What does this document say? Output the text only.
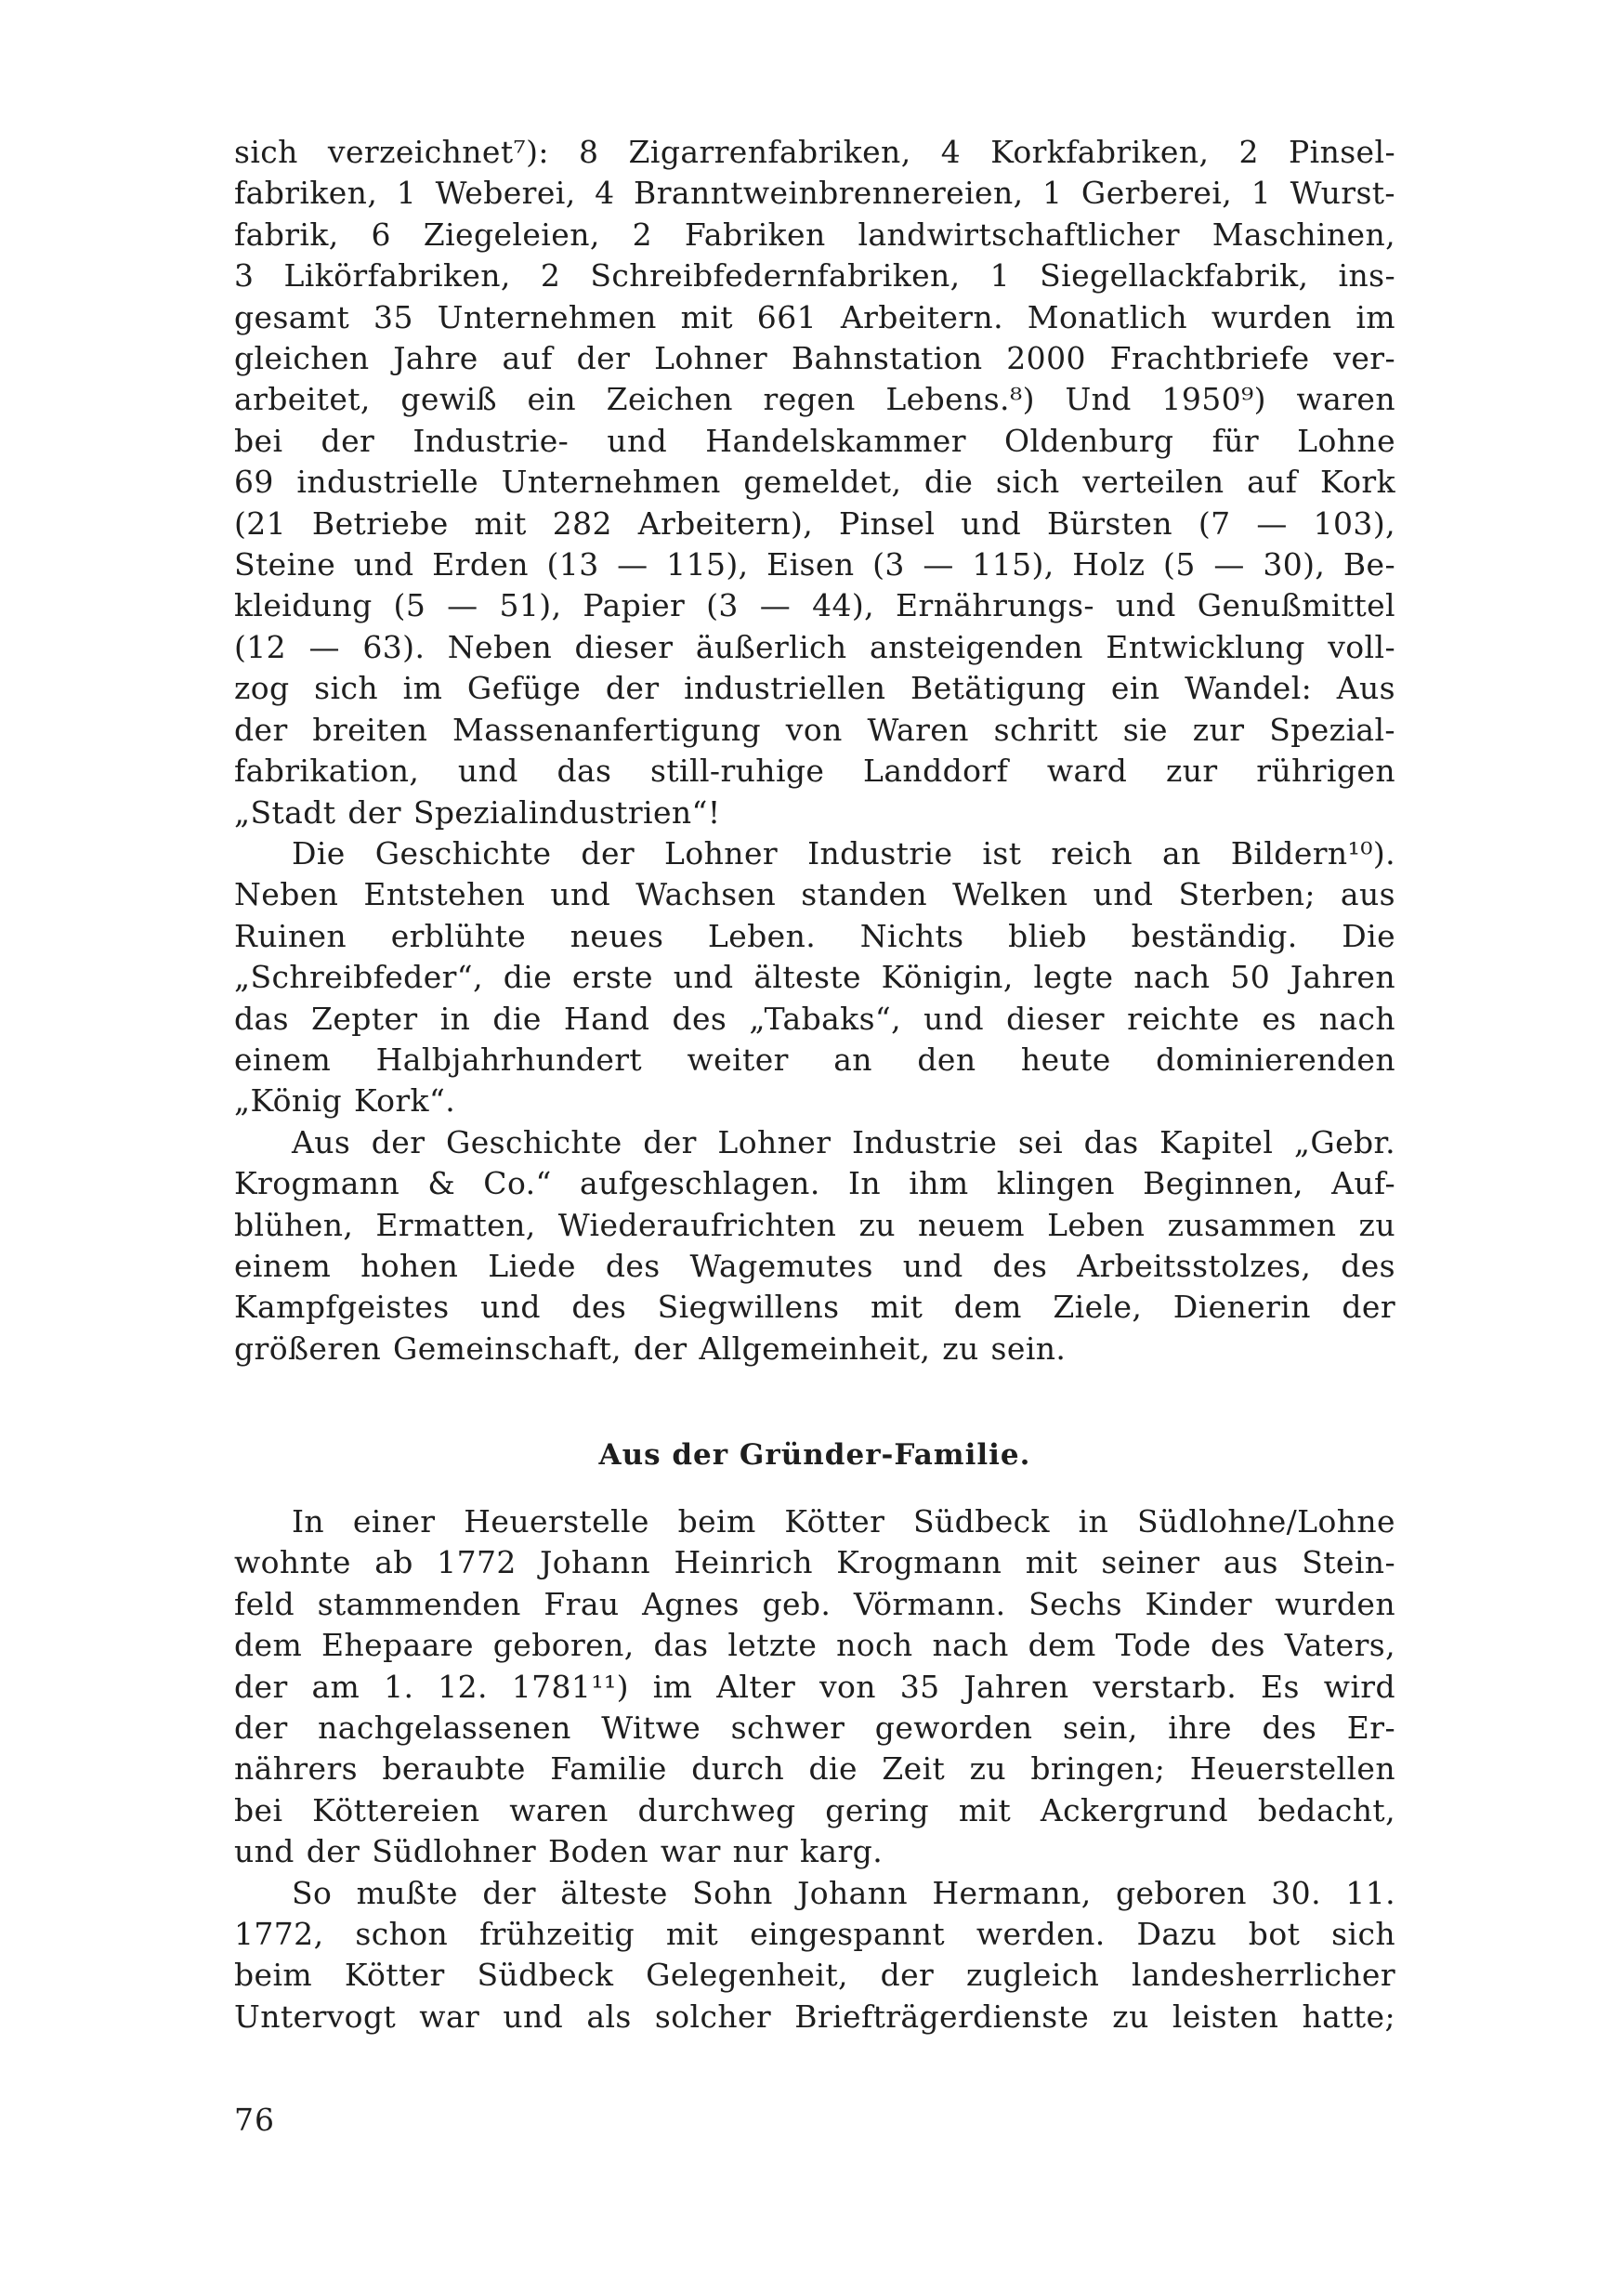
sich verzeichnet⁷): 8 Zigarrenfabriken, 4 Korkfabriken, 2 Pinsel-
fabriken, 1 Weberei, 4 Branntweinbrennereien, 1 Gerberei, 1 Wurst-
fabrik, 6 Ziegeleien, 2 Fabriken landwirtschaftlicher Maschinen,
3 Likörfabriken, 2 Schreibfedernfabriken, 1 Siegellackfabrik, ins-
gesamt 35 Unternehmen mit 661 Arbeitern. Monatlich wurden im
gleichen Jahre auf der Lohner Bahnstation 2000 Frachtbriefe ver-
arbeitet, gewiß ein Zeichen regen Lebens.⁸) Und 1950⁹) waren
bei der Industrie- und Handelskammer Oldenburg für Lohne
69 industrielle Unternehmen gemeldet, die sich verteilen auf Kork
(21 Betriebe mit 282 Arbeitern), Pinsel und Bürsten (7 — 103),
Steine und Erden (13 — 115), Eisen (3 — 115), Holz (5 — 30), Be-
kleidung (5 — 51), Papier (3 — 44), Ernährungs- und Genußmittel
(12 — 63). Neben dieser äußerlich ansteigenden Entwicklung voll-
zog sich im Gefüge der industriellen Betätigung ein Wandel: Aus
der breiten Massenanfertigung von Waren schritt sie zur Spezial-
fabrikation, und das still-ruhige Landdorf ward zur rührigen
„Stadt der Spezialindustrien“!

Die Geschichte der Lohner Industrie ist reich an Bildern¹⁰).
Neben Entstehen und Wachsen standen Welken und Sterben; aus
Ruinen erblühte neues Leben. Nichts blieb beständig. Die
„Schreibfeder“, die erste und älteste Königin, legte nach 50 Jahren
das Zepter in die Hand des „Tabaks“, und dieser reichte es nach
einem Halbjahrhundert weiter an den heute dominierenden
„König Kork“.

Aus der Geschichte der Lohner Industrie sei das Kapitel „Gebr.
Krogmann & Co.“ aufgeschlagen. In ihm klingen Beginnen, Auf-
blühen, Ermatten, Wiederaufrichten zu neuem Leben zusammen zu
einem hohen Liede des Wagemutes und des Arbeitsstolzes, des
Kampfgeistes und des Siegwillens mit dem Ziele, Dienerin der
größeren Gemeinschaft, der Allgemeinheit, zu sein.

Aus der Gründer-Familie.

In einer Heuerstelle beim Kötter Südbeck in Südlohne/Lohne
wohnte ab 1772 Johann Heinrich Krogmann mit seiner aus Stein-
feld stammenden Frau Agnes geb. Vörmann. Sechs Kinder wurden
dem Ehepaare geboren, das letzte noch nach dem Tode des Vaters,
der am 1. 12. 1781¹¹) im Alter von 35 Jahren verstarb. Es wird
der nachgelassenen Witwe schwer geworden sein, ihre des Er-
nährers beraubte Familie durch die Zeit zu bringen; Heuerstellen
bei Köttereien waren durchweg gering mit Ackergrund bedacht,
und der Südlohner Boden war nur karg.

So mußte der älteste Sohn Johann Hermann, geboren 30. 11.
1772, schon frühzeitig mit eingespannt werden. Dazu bot sich
beim Kötter Südbeck Gelegenheit, der zugleich landesherrlicher
Untervogt war und als solcher Briefträgerdienste zu leisten hatte;

76
